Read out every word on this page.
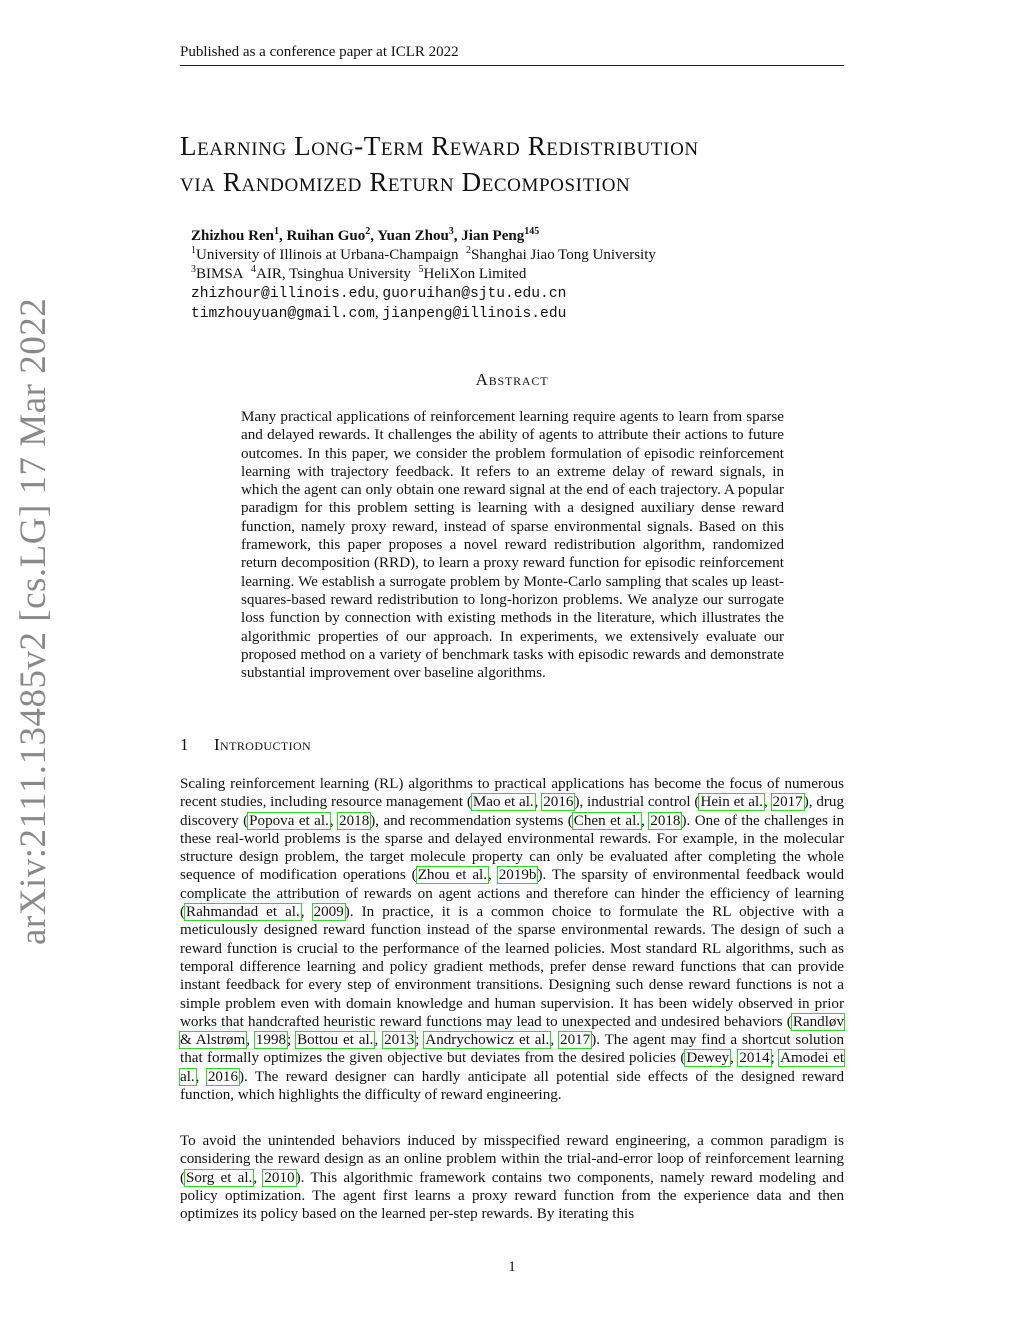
Published as a conference paper at ICLR 2022
arXiv:2111.13485v2 [cs.LG] 17 Mar 2022
Learning Long-Term Reward Redistribution
via Randomized Return Decomposition
Zhizhou Ren$^1$, Ruihan Guo$^2$, Yuan Zhou$^3$, Jian Peng$^{145}$
$^1$University of Illinois at Urbana-Champaign $^2$Shanghai Jiao Tong University
$^3$BIMSA $^4$AIR, Tsinghua University $^5$HeliXon Limited
zhizhour@illinois.edu, guoruihan@sjtu.edu.cn
timzhouyuan@gmail.com, jianpeng@illinois.edu
Abstract
Many practical applications of reinforcement learning require agents to learn from sparse and delayed rewards. It challenges the ability of agents to attribute their actions to future outcomes. In this paper, we consider the problem formulation of episodic reinforcement learning with trajectory feedback. It refers to an extreme delay of reward signals, in which the agent can only obtain one reward signal at the end of each trajectory. A popular paradigm for this problem setting is learning with a designed auxiliary dense reward function, namely proxy reward, instead of sparse environmental signals. Based on this framework, this paper proposes a novel reward redistribution algorithm, randomized return decomposition (RRD), to learn a proxy reward function for episodic reinforcement learning. We establish a surrogate problem by Monte-Carlo sampling that scales up least-squares-based reward redistribution to long-horizon problems. We analyze our surrogate loss function by connection with existing methods in the literature, which illustrates the algorithmic properties of our approach. In experiments, we extensively evaluate our proposed method on a variety of benchmark tasks with episodic rewards and demonstrate substantial improvement over baseline algorithms.
1 Introduction
Scaling reinforcement learning (RL) algorithms to practical applications has become the focus of numerous recent studies, including resource management (Mao et al., 2016), industrial control (Hein et al., 2017), drug discovery (Popova et al., 2018), and recommendation systems (Chen et al., 2018). One of the challenges in these real-world problems is the sparse and delayed environmental rewards. For example, in the molecular structure design problem, the target molecule property can only be evaluated after completing the whole sequence of modification operations (Zhou et al., 2019b). The sparsity of environmental feedback would complicate the attribution of rewards on agent actions and therefore can hinder the efficiency of learning (Rahmandad et al., 2009). In practice, it is a common choice to formulate the RL objective with a meticulously designed reward function instead of the sparse environmental rewards. The design of such a reward function is crucial to the performance of the learned policies. Most standard RL algorithms, such as temporal difference learning and policy gradient methods, prefer dense reward functions that can provide instant feedback for every step of environment transitions. Designing such dense reward functions is not a simple problem even with domain knowledge and human supervision. It has been widely observed in prior works that handcrafted heuristic reward functions may lead to unexpected and undesired behaviors (Randløv & Alstrøm, 1998; Bottou et al., 2013; Andrychowicz et al., 2017). The agent may find a shortcut solution that formally optimizes the given objective but deviates from the desired policies (Dewey, 2014; Amodei et al., 2016). The reward designer can hardly anticipate all potential side effects of the designed reward function, which highlights the difficulty of reward engineering.
To avoid the unintended behaviors induced by misspecified reward engineering, a common paradigm is considering the reward design as an online problem within the trial-and-error loop of reinforcement learning (Sorg et al., 2010). This algorithmic framework contains two components, namely reward modeling and policy optimization. The agent first learns a proxy reward function from the experience data and then optimizes its policy based on the learned per-step rewards. By iterating this
1
